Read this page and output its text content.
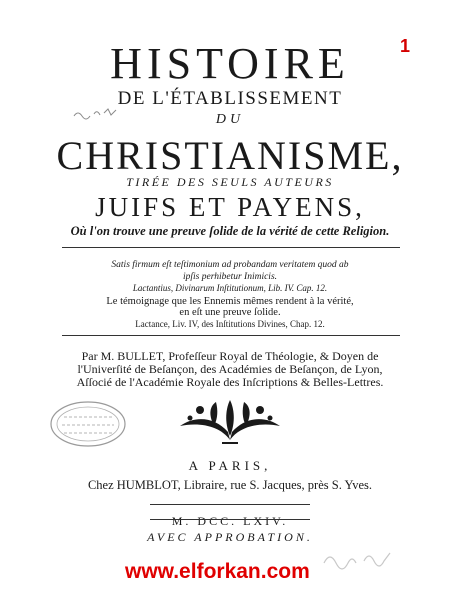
1
HISTOIRE
DE L'ÉTABLISSEMENT
DU
CHRISTIANISME,
TIRÉE DES SEULS AUTEURS
JUIFS ET PAYENS,
Où l'on trouve une preuve ſolide de la vérité de cette Religion.
Satis firmum eſt teſtimonium ad probandam veritatem quod ab
ipſis perhibetur Inimicis.
Lactantius, Divinarum Inſtitutionum, Lib. IV. Cap. 12.
Le témoignage que les Ennemis mêmes rendent à la vérité,
en eſt une preuve ſolide.
Lactance, Liv. IV, des Inſtitutions Divines, Chap. 12.
Par M. BULLET, Profeſſeur Royal de Théologie, & Doyen de
l'Univerſité de Beſançon, des Académies de Beſançon, de Lyon,
Aſſocié de l'Académie Royale des Inſcriptions & Belles-Lettres.
A PARIS,
Chez HUMBLOT, Libraire, rue S. Jacques, près S. Yves.
M. DCC. LXIV.
AVEC APPROBATION.
www.elforkan.com
